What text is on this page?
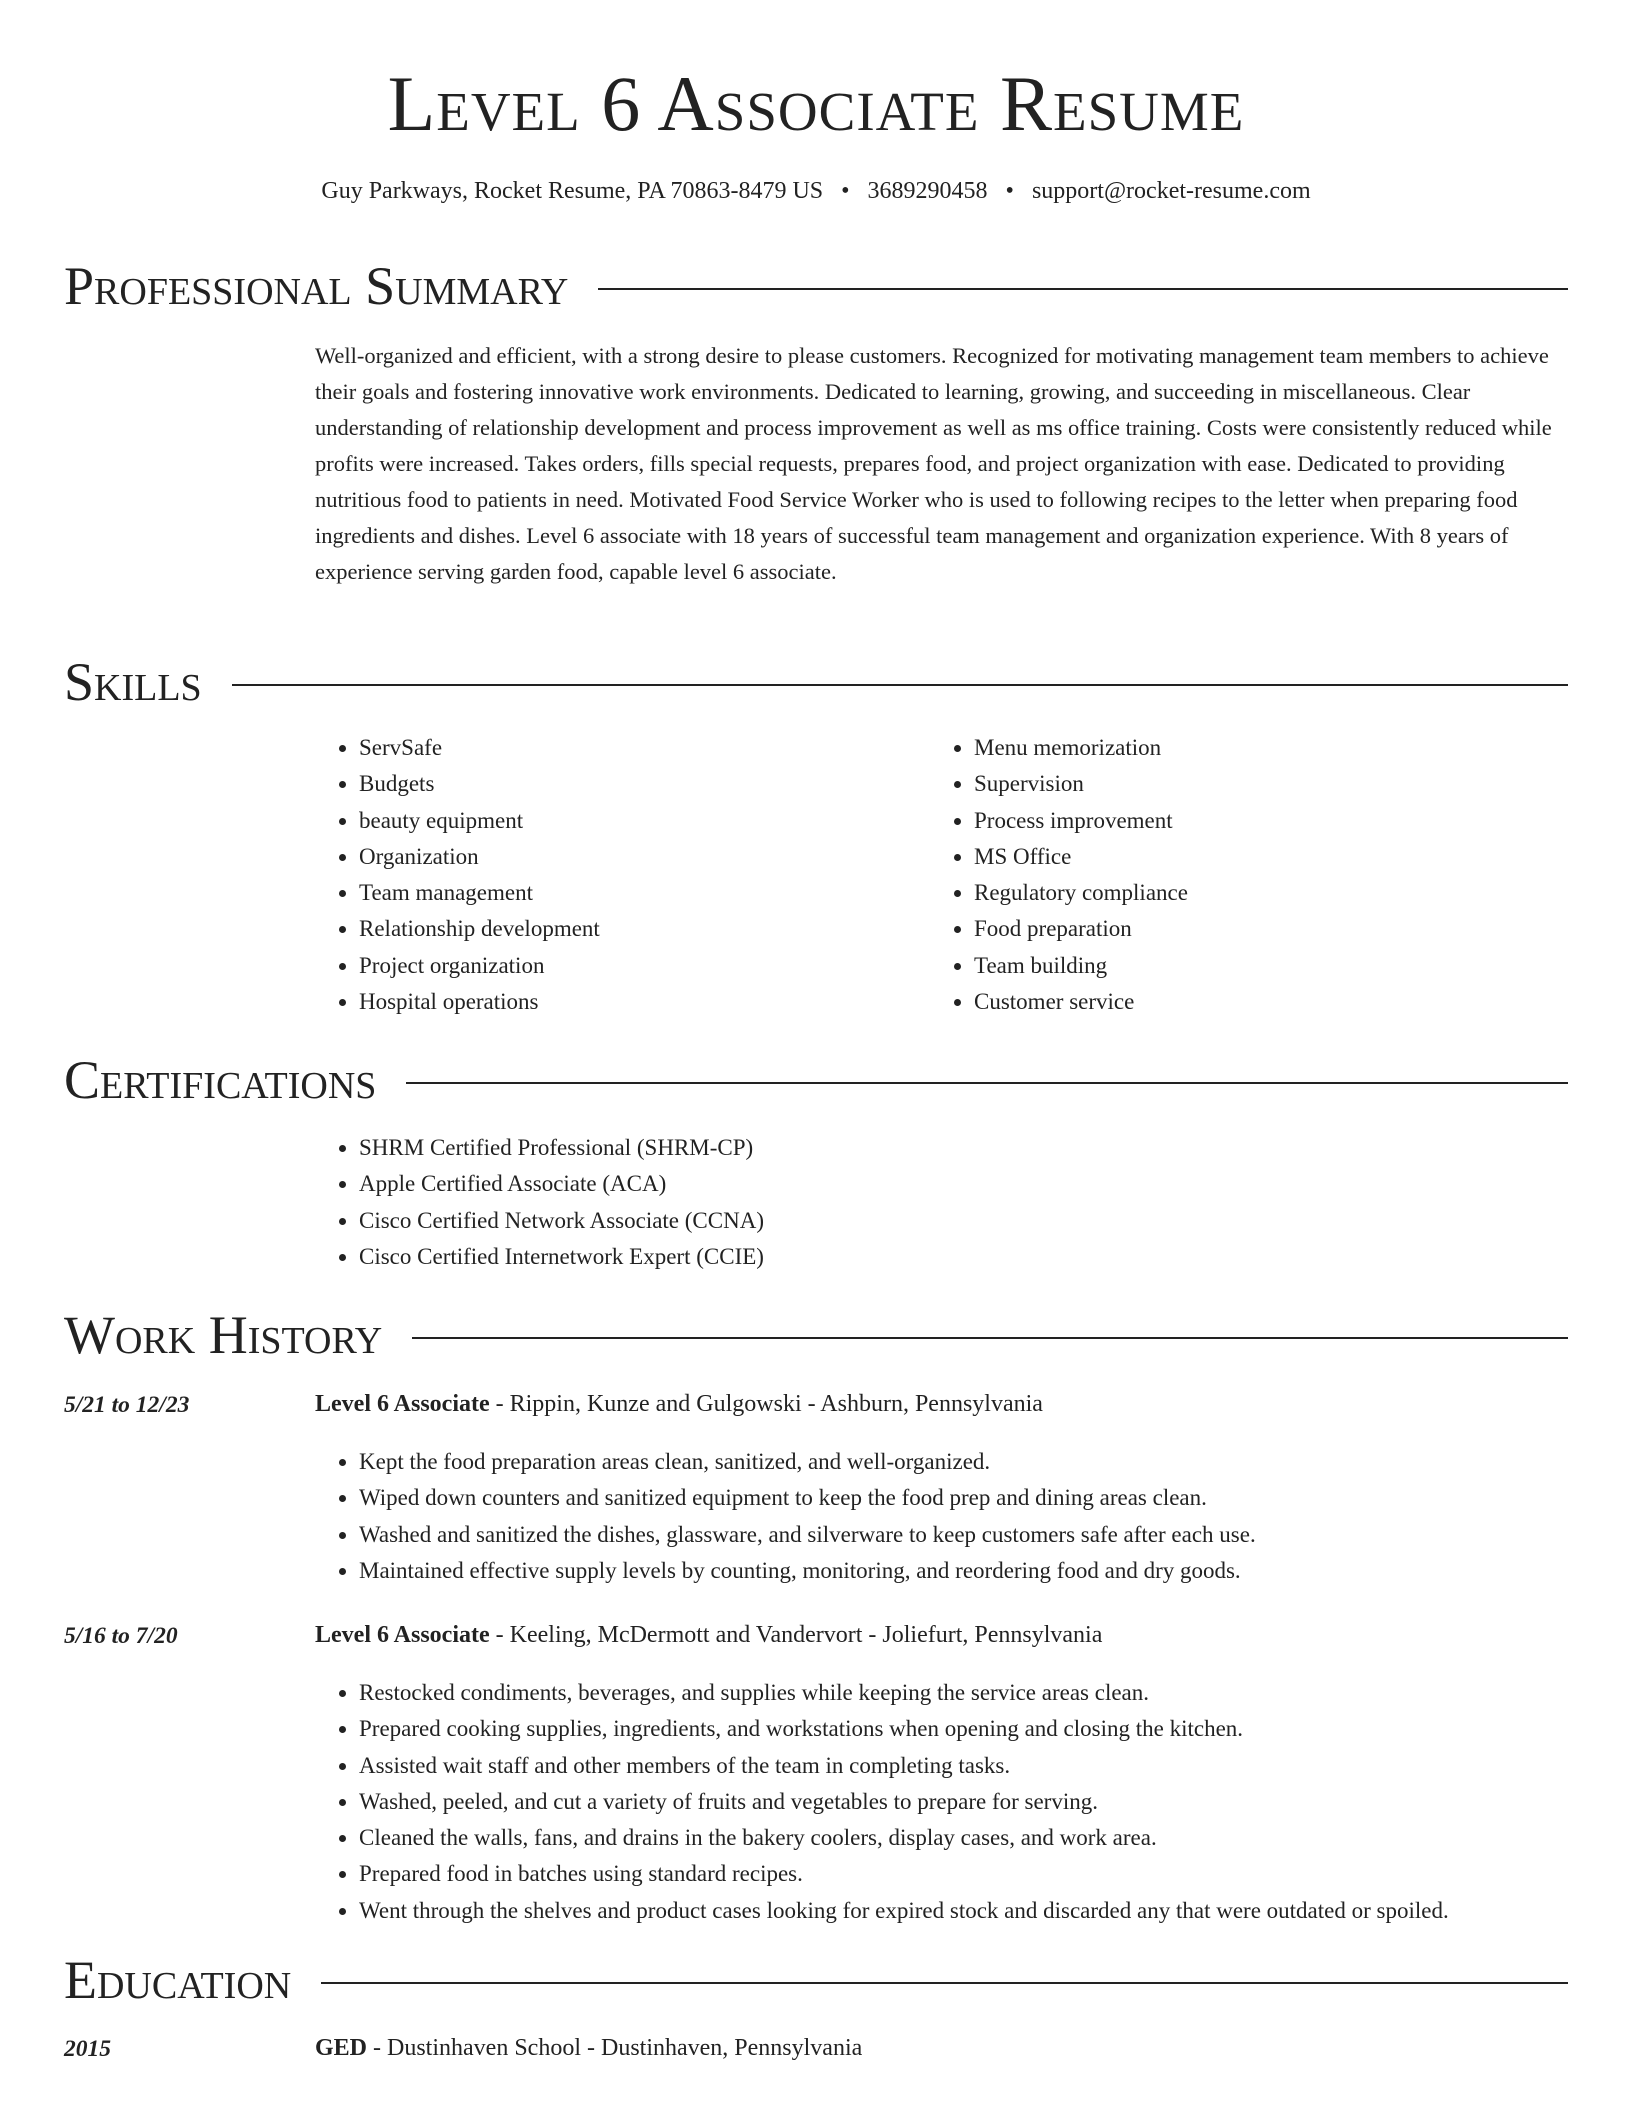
Level 6 Associate Resume
Guy Parkways, Rocket Resume, PA 70863-8479 US • 3689290458 • support@rocket-resume.com
Professional Summary
Well-organized and efficient, with a strong desire to please customers. Recognized for motivating management team members to achieve their goals and fostering innovative work environments. Dedicated to learning, growing, and succeeding in miscellaneous. Clear understanding of relationship development and process improvement as well as ms office training. Costs were consistently reduced while profits were increased. Takes orders, fills special requests, prepares food, and project organization with ease. Dedicated to providing nutritious food to patients in need. Motivated Food Service Worker who is used to following recipes to the letter when preparing food ingredients and dishes. Level 6 associate with 18 years of successful team management and organization experience. With 8 years of experience serving garden food, capable level 6 associate.
Skills
• ServSafe
• Budgets
• beauty equipment
• Organization
• Team management
• Relationship development
• Project organization
• Hospital operations
• Menu memorization
• Supervision
• Process improvement
• MS Office
• Regulatory compliance
• Food preparation
• Team building
• Customer service
Certifications
• SHRM Certified Professional (SHRM-CP)
• Apple Certified Associate (ACA)
• Cisco Certified Network Associate (CCNA)
• Cisco Certified Internetwork Expert (CCIE)
Work History
5/21 to 12/23	Level 6 Associate - Rippin, Kunze and Gulgowski - Ashburn, Pennsylvania
• Kept the food preparation areas clean, sanitized, and well-organized.
• Wiped down counters and sanitized equipment to keep the food prep and dining areas clean.
• Washed and sanitized the dishes, glassware, and silverware to keep customers safe after each use.
• Maintained effective supply levels by counting, monitoring, and reordering food and dry goods.
5/16 to 7/20	Level 6 Associate - Keeling, McDermott and Vandervort - Joliefurt, Pennsylvania
• Restocked condiments, beverages, and supplies while keeping the service areas clean.
• Prepared cooking supplies, ingredients, and workstations when opening and closing the kitchen.
• Assisted wait staff and other members of the team in completing tasks.
• Washed, peeled, and cut a variety of fruits and vegetables to prepare for serving.
• Cleaned the walls, fans, and drains in the bakery coolers, display cases, and work area.
• Prepared food in batches using standard recipes.
• Went through the shelves and product cases looking for expired stock and discarded any that were outdated or spoiled.
Education
2015	GED - Dustinhaven School - Dustinhaven, Pennsylvania
